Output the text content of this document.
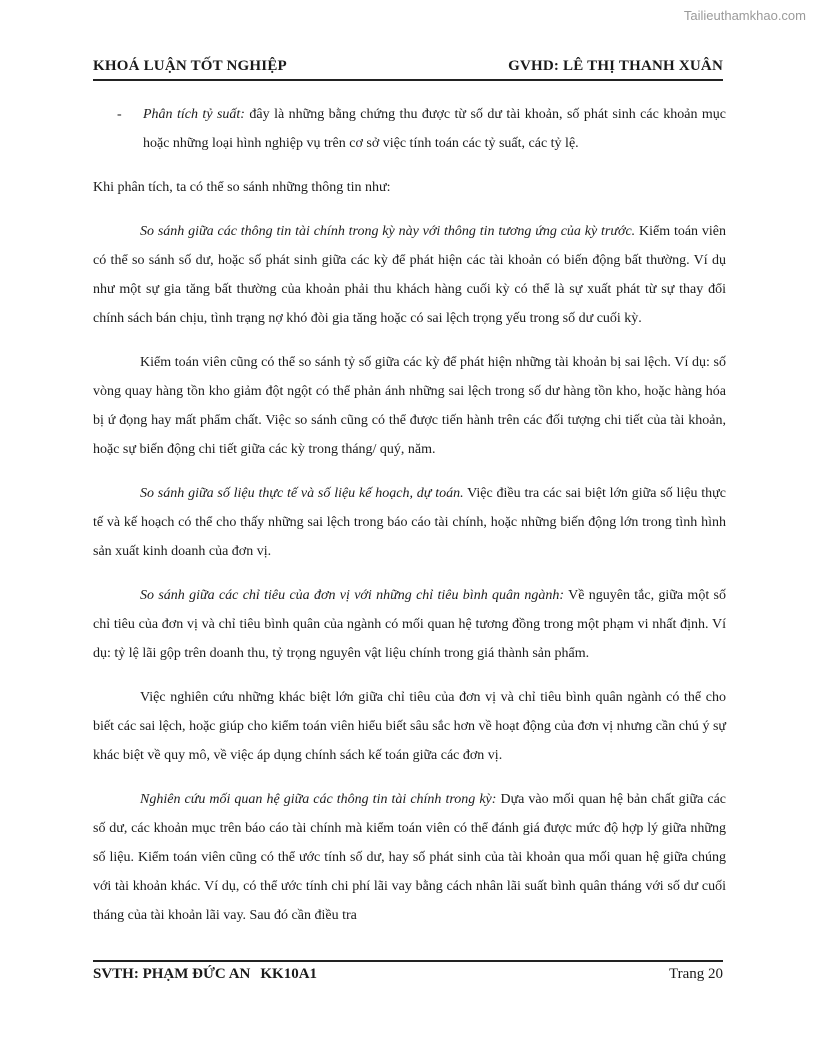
Tailieuthamkhao.com
KHOÁ LUẬN TỐT NGHIỆP	GVHD: LÊ THỊ THANH XUÂN
-	Phân tích tỷ suất: đây là những bằng chứng thu được từ số dư tài khoản, số phát sinh các khoản mục hoặc những loại hình nghiệp vụ trên cơ sở việc tính toán các tỷ suất, các tỷ lệ.

Khi phân tích, ta có thể so sánh những thông tin như:

So sánh giữa các thông tin tài chính trong kỳ này với thông tin tương ứng của kỳ trước. Kiểm toán viên có thể so sánh số dư, hoặc số phát sinh giữa các kỳ để phát hiện các tài khoản có biến động bất thường. Ví dụ như một sự gia tăng bất thường của khoản phải thu khách hàng cuối kỳ có thể là sự xuất phát từ sự thay đổi chính sách bán chịu, tình trạng nợ khó đòi gia tăng hoặc có sai lệch trọng yếu trong số dư cuối kỳ.

Kiểm toán viên cũng có thể so sánh tỷ số giữa các kỳ để phát hiện những tài khoản bị sai lệch. Ví dụ: số vòng quay hàng tồn kho giảm đột ngột có thể phản ánh những sai lệch trong số dư hàng tồn kho, hoặc hàng hóa bị ứ đọng hay mất phẩm chất. Việc so sánh cũng có thể được tiến hành trên các đối tượng chi tiết của tài khoản, hoặc sự biến động chi tiết giữa các kỳ trong tháng/ quý, năm.

So sánh giữa số liệu thực tế và số liệu kế hoạch, dự toán. Việc điều tra các sai biệt lớn giữa số liệu thực tế và kế hoạch có thể cho thấy những sai lệch trong báo cáo tài chính, hoặc những biến động lớn trong tình hình sản xuất kinh doanh của đơn vị.

So sánh giữa các chỉ tiêu của đơn vị với những chỉ tiêu bình quân ngành: Về nguyên tắc, giữa một số chỉ tiêu của đơn vị và chỉ tiêu bình quân của ngành có mối quan hệ tương đồng trong một phạm vi nhất định. Ví dụ: tỷ lệ lãi gộp trên doanh thu, tỷ trọng nguyên vật liệu chính trong giá thành sản phẩm.

Việc nghiên cứu những khác biệt lớn giữa chỉ tiêu của đơn vị và chỉ tiêu bình quân ngành có thể cho biết các sai lệch, hoặc giúp cho kiểm toán viên hiểu biết sâu sắc hơn về hoạt động của đơn vị nhưng cần chú ý sự khác biệt về quy mô, về việc áp dụng chính sách kế toán giữa các đơn vị.

Nghiên cứu mối quan hệ giữa các thông tin tài chính trong kỳ: Dựa vào mối quan hệ bản chất giữa các số dư, các khoản mục trên báo cáo tài chính mà kiểm toán viên có thể đánh giá được mức độ hợp lý giữa những số liệu. Kiểm toán viên cũng có thể ước tính số dư, hay số phát sinh của tài khoản qua mối quan hệ giữa chúng với tài khoản khác. Ví dụ, có thể ước tính chi phí lãi vay bằng cách nhân lãi suất bình quân tháng với số dư cuối tháng của tài khoản lãi vay. Sau đó cần điều tra

SVTH: PHẠM ĐỨC AN KK10A1	Trang 20
